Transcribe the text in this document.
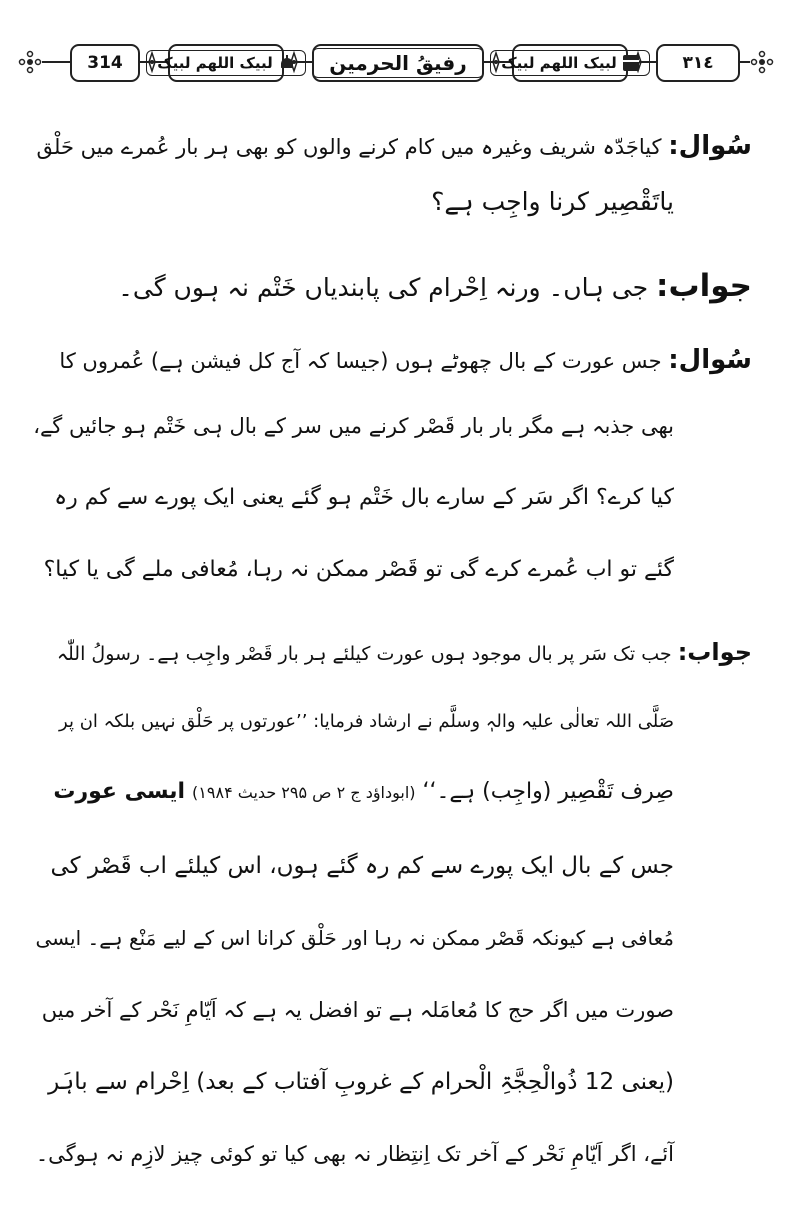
314 لبیک اللھم لبیک	رفیقُ الحرمین لبیک اللھم لبیک	٣١٤
سُوال: کیاجَدّہ شریف وغیرہ میں کام کرنے والوں کو بھی ہر بار عُمرے میں حَلْق
یاتَقْصِیر کرنا واجِب ہے؟
جواب: جی ہاں۔ ورنہ اِحْرام کی پابندیاں خَتْم نہ ہوں گی۔
سُوال: جس عورت کے بال چھوٹے ہوں (جیسا کہ آج کل فیشن ہے) عُمروں کا
بھی جذبہ ہے مگر بار بار قَصْر کرنے میں سر کے بال ہی خَتْم ہو جائیں گے،
کیا کرے؟ اگر سَر کے سارے بال خَتْم ہو گئے یعنی ایک پورے سے کم رہ
گئے تو اب عُمرے کرے گی تو قَصْر ممکن نہ رہا، مُعافی ملے گی یا کیا؟
جواب: جب تک سَر پر بال موجود ہوں عورت کیلئے ہر بار قَصْر واجِب ہے۔ رسولُ اللّٰہ
صَلَّی اللہ تعالٰی علیہ والہٖ وسلَّم نے ارشاد فرمایا: ’’عورتوں پر حَلْق نہیں بلکہ ان پر
صِرف تَقْصِیر (واجِب) ہے۔‘‘ (ابوداؤد ج ۲ ص ۲۹۵ حدیث ۱۹۸۴) ایسی عورت
جس کے بال ایک پورے سے کم رہ گئے ہوں، اس کیلئے اب قَصْر کی
مُعافی ہے کیونکہ قَصْر ممکن نہ رہا اور حَلْق کرانا اس کے لیے مَنْع ہے۔ ایسی
صورت میں اگر حج کا مُعامَلہ ہے تو افضل یہ ہے کہ اَیّامِ نَحْر کے آخر میں
(یعنی 12 ذُوالْحِجَّۃِ الْحرام کے غروبِ آفتاب کے بعد) اِحْرام سے باہَر
آئے، اگر اَیّامِ نَحْر کے آخر تک اِنتِظار نہ بھی کیا تو کوئی چیز لازِم نہ ہوگی۔
